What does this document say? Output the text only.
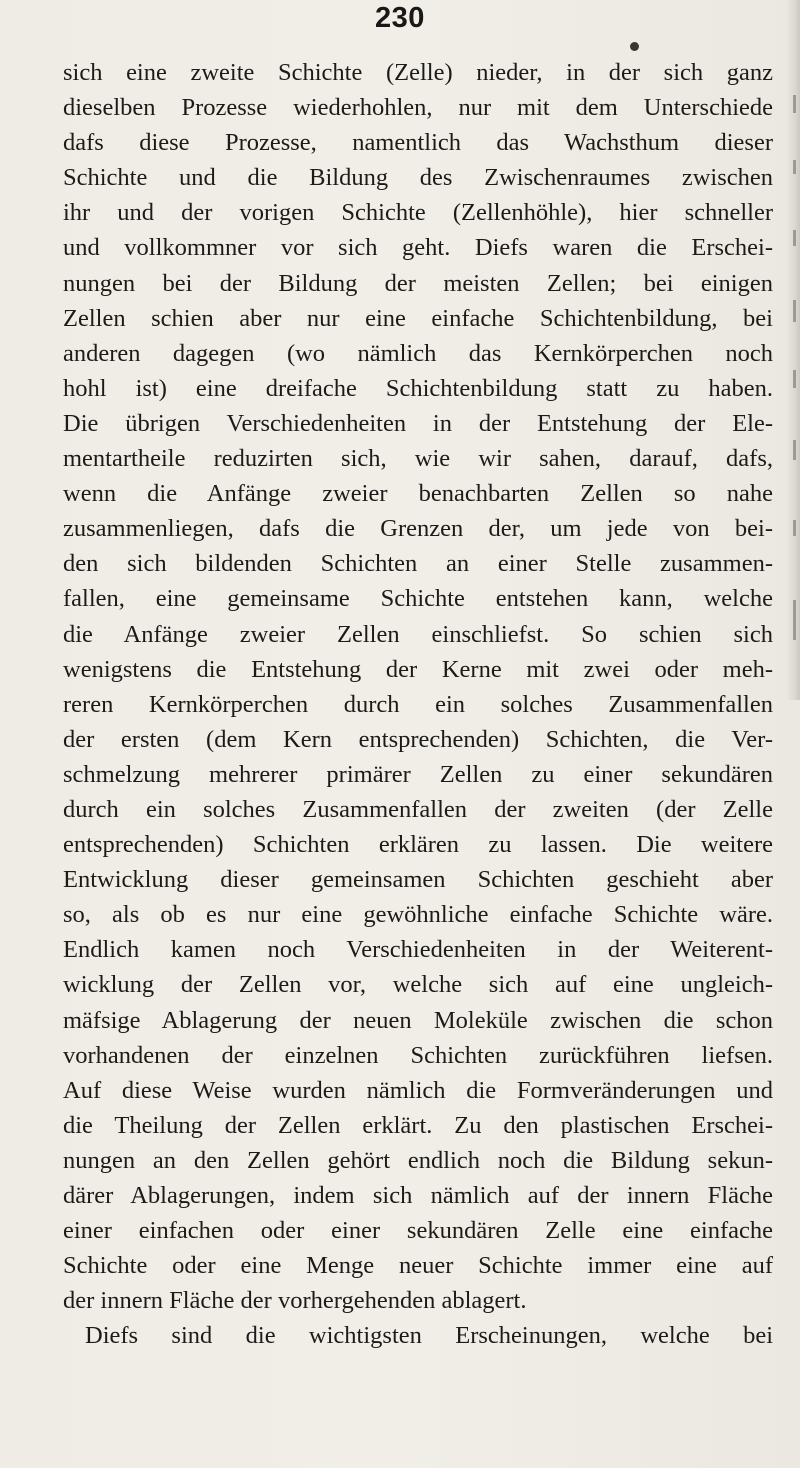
230
sich eine zweite Schichte (Zelle) nieder, in der sich ganz
dieselben Prozesse wiederhohlen, nur mit dem Unterschiede
dafs diese Prozesse, namentlich das Wachsthum dieser
Schichte und die Bildung des Zwischenraumes zwischen
ihr und der vorigen Schichte (Zellenhöhle), hier schneller
und vollkommner vor sich geht. Diefs waren die Erschei-
nungen bei der Bildung der meisten Zellen; bei einigen
Zellen schien aber nur eine einfache Schichtenbildung, bei
anderen dagegen (wo nämlich das Kernkörperchen noch
hohl ist) eine dreifache Schichtenbildung statt zu haben.
Die übrigen Verschiedenheiten in der Entstehung der Ele-
mentartheile reduzirten sich, wie wir sahen, darauf, dafs,
wenn die Anfänge zweier benachbarten Zellen so nahe
zusammenliegen, dafs die Grenzen der, um jede von bei-
den sich bildenden Schichten an einer Stelle zusammen-
fallen, eine gemeinsame Schichte entstehen kann, welche
die Anfänge zweier Zellen einschliefst. So schien sich
wenigstens die Entstehung der Kerne mit zwei oder meh-
reren Kernkörperchen durch ein solches Zusammenfallen
der ersten (dem Kern entsprechenden) Schichten, die Ver-
schmelzung mehrerer primärer Zellen zu einer sekundären
durch ein solches Zusammenfallen der zweiten (der Zelle
entsprechenden) Schichten erklären zu lassen. Die weitere
Entwicklung dieser gemeinsamen Schichten geschieht aber
so, als ob es nur eine gewöhnliche einfache Schichte wäre.
Endlich kamen noch Verschiedenheiten in der Weiterent-
wicklung der Zellen vor, welche sich auf eine ungleich-
mäfsige Ablagerung der neuen Moleküle zwischen die schon
vorhandenen der einzelnen Schichten zurückführen liefsen.
Auf diese Weise wurden nämlich die Formveränderungen und
die Theilung der Zellen erklärt. Zu den plastischen Erschei-
nungen an den Zellen gehört endlich noch die Bildung sekun-
därer Ablagerungen, indem sich nämlich auf der innern Fläche
einer einfachen oder einer sekundären Zelle eine einfache
Schichte oder eine Menge neuer Schichte immer eine auf
der innern Fläche der vorhergehenden ablagert.
Diefs sind die wichtigsten Erscheinungen, welche bei
